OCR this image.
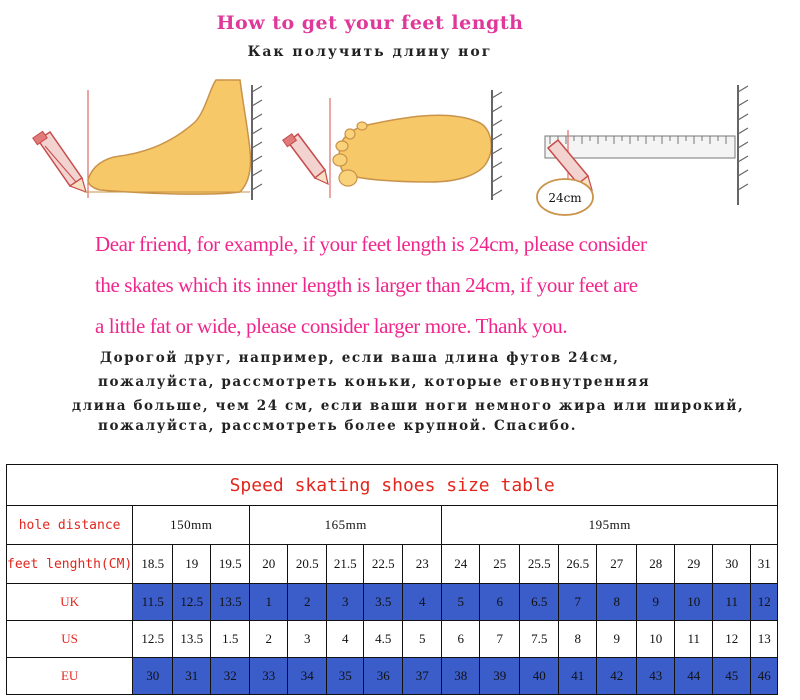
How to get your feet length
Как получить длину ног
24cm
Dear friend, for example, if your feet length is 24cm, please consider
the skates which its inner length is larger than 24cm, if your feet are
a little fat or wide, please consider larger more. Thank you.
Дорогой друг, например, если ваша длина футов 24см,
пожалуйста, рассмотреть коньки, которые еговнутренняя
длина больше, чем 24 см, если ваши ноги немного жира или широкий,
пожалуйста, рассмотреть более крупной. Спасибо.
Speed skating shoes size table																	
hole distance	150mm			165mm					195mm								
feet lenghth(CM)	18.5	19	19.5	20	20.5	21.5	22.5	23	24	25	25.5	26.5	27	28	29	30	31
UK	11.5	12.5	13.5	1	2	3	3.5	4	5	6	6.5	7	8	9	10	11	12
US	12.5	13.5	1.5	2	3	4	4.5	5	6	7	7.5	8	9	10	11	12	13
EU	30	31	32	33	34	35	36	37	38	39	40	41	42	43	44	45	46
